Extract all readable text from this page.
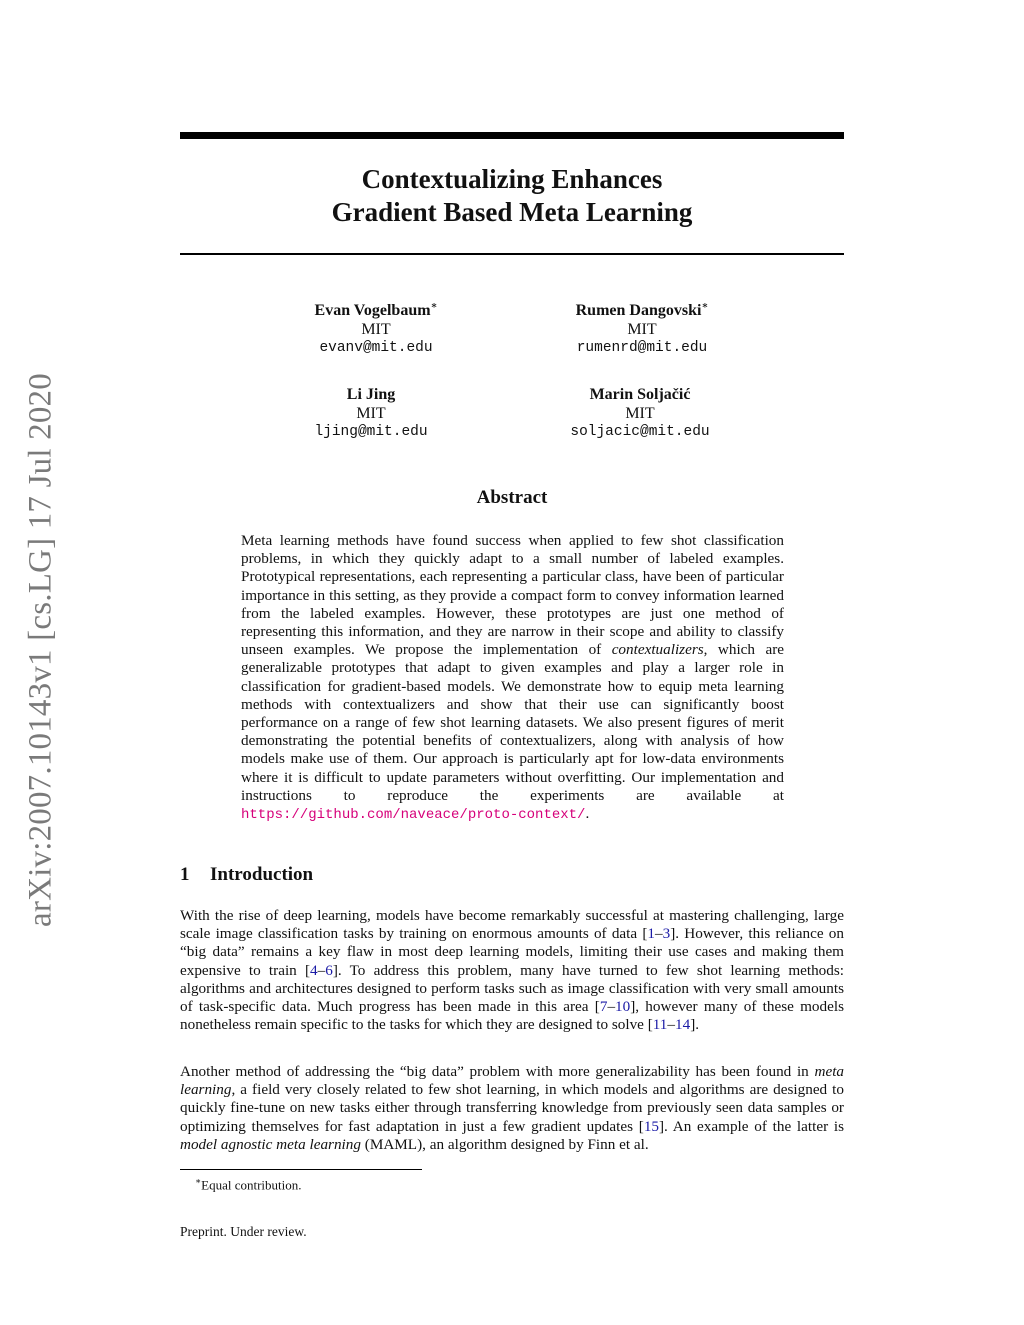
arXiv:2007.10143v1 [cs.LG] 17 Jul 2020
Contextualizing Enhances
Gradient Based Meta Learning
Evan Vogelbaum∗
MIT
evanv@mit.edu
Rumen Dangovski∗
MIT
rumenrd@mit.edu
Li Jing
MIT
ljing@mit.edu
Marin Soljačić
MIT
soljacic@mit.edu
Abstract
Meta learning methods have found success when applied to few shot classification problems, in which they quickly adapt to a small number of labeled examples. Prototypical representations, each representing a particular class, have been of particular importance in this setting, as they provide a compact form to convey information learned from the labeled examples. However, these prototypes are just one method of representing this information, and they are narrow in their scope and ability to classify unseen examples. We propose the implementation of contextualizers, which are generalizable prototypes that adapt to given examples and play a larger role in classification for gradient-based models. We demonstrate how to equip meta learning methods with contextualizers and show that their use can significantly boost performance on a range of few shot learning datasets. We also present figures of merit demonstrating the potential benefits of contextualizers, along with analysis of how models make use of them. Our approach is particularly apt for low-data environments where it is difficult to update parameters without overfitting. Our implementation and instructions to reproduce the experiments are available at https://github.com/naveace/proto-context/.
1 Introduction
With the rise of deep learning, models have become remarkably successful at mastering challenging, large scale image classification tasks by training on enormous amounts of data [1–3]. However, this reliance on “big data” remains a key flaw in most deep learning models, limiting their use cases and making them expensive to train [4–6]. To address this problem, many have turned to few shot learning methods: algorithms and architectures designed to perform tasks such as image classification with very small amounts of task-specific data. Much progress has been made in this area [7–10], however many of these models nonetheless remain specific to the tasks for which they are designed to solve [11–14].
Another method of addressing the “big data” problem with more generalizability has been found in meta learning, a field very closely related to few shot learning, in which models and algorithms are designed to quickly fine-tune on new tasks either through transferring knowledge from previously seen data samples or optimizing themselves for fast adaptation in just a few gradient updates [15]. An example of the latter is model agnostic meta learning (MAML), an algorithm designed by Finn et al.
∗Equal contribution.
Preprint. Under review.
